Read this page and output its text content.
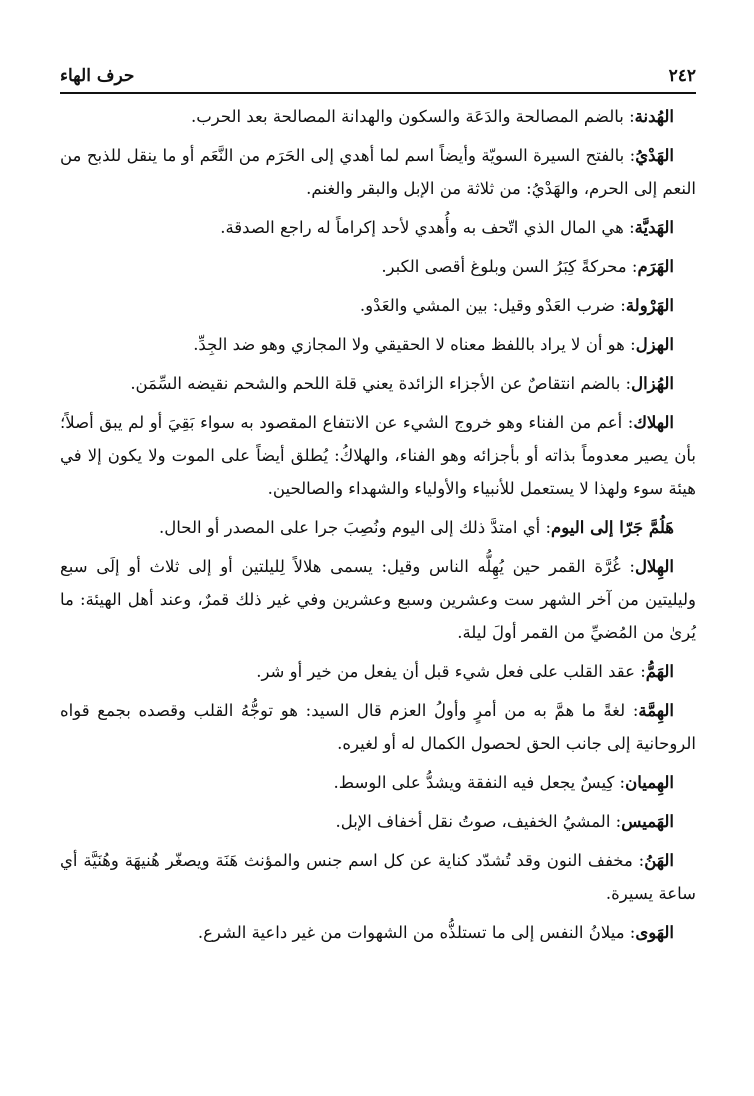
٢٤٢
حرف الهاء
الهُدنة: بالضم المصالحة والدَعَة والسكون والهدانة المصالحة بعد الحرب.
الهَدْيُ: بالفتح السيرة السويّة وأيضاً اسم لما أهدي إلى الحَرَم من النَّعَم أو ما ينقل للذبح من النعم إلى الحرم، والهَدْيُ: من ثلاثة من الإبل والبقر والغنم.
الهَديَّة: هي المال الذي اتّحف به وأُهدي لأحد إكراماً له راجع الصدقة.
الهَرَم: محركةً كِبَرُ السن وبلوغ أقصى الكبر.
الهَرْولة: ضرب العَدْو وقيل: بين المشي والعَدْو.
الهزل: هو أن لا يراد باللفظ معناه لا الحقيقي ولا المجازي وهو ضد الجِدِّ.
الهُزال: بالضم انتقاصٌ عن الأجزاء الزائدة يعني قلة اللحم والشحم نقيضه السِّمَن.
الهلاك: أعم من الفناء وهو خروج الشيء عن الانتفاع المقصود به سواء بَقِيَ أو لم يبق أصلاً؛ بأن يصير معدوماً بذاته أو بأجزائه وهو الفناء، والهلاكُ: يُطلق أيضاً على الموت ولا يكون إلا في هيئة سوء ولهذا لا يستعمل للأنبياء والأولياء والشهداء والصالحين.
هَلُمَّ جَرّا إلى اليوم: أي امتدَّ ذلك إلى اليوم ونُصِبَ جرا على المصدر أو الحال.
الهِلال: غُرَّة القمر حين يُهِلُّه الناس وقيل: يسمى هلالاً لِليلتين أو إلى ثلاث أو إلَى سبع وليليتين من آخر الشهر ست وعشرين وسبع وعشرين وفي غير ذلك قمرٌ، وعند أهل الهيئة: ما يُرىٰ من المُضيِّ من القمر أولَ ليلة.
الهَمُّ: عقد القلب على فعل شيء قبل أن يفعل من خير أو شر.
الهِمَّة: لغةً ما همَّ به من أمرٍ وأولُ العزم قال السيد: هو توجُّهُ القلب وقصده بجمع قواه الروحانية إلى جانب الحق لحصول الكمال له أو لغيره.
الهِميان: كِيسٌ يجعل فيه النفقة ويشدُّ على الوسط.
الهَميس: المشيُ الخفيف، صوتُ نقل أخفاف الإبل.
الهَنُ: مخفف النون وقد تُشدّد كناية عن كل اسم جنس والمؤنث هَنَة ويصغّر هُنيهَة وهُنَيَّة أي ساعة يسيرة.
الهَوى: ميلانُ النفس إلى ما تستلذُّه من الشهوات من غير داعية الشرع.
